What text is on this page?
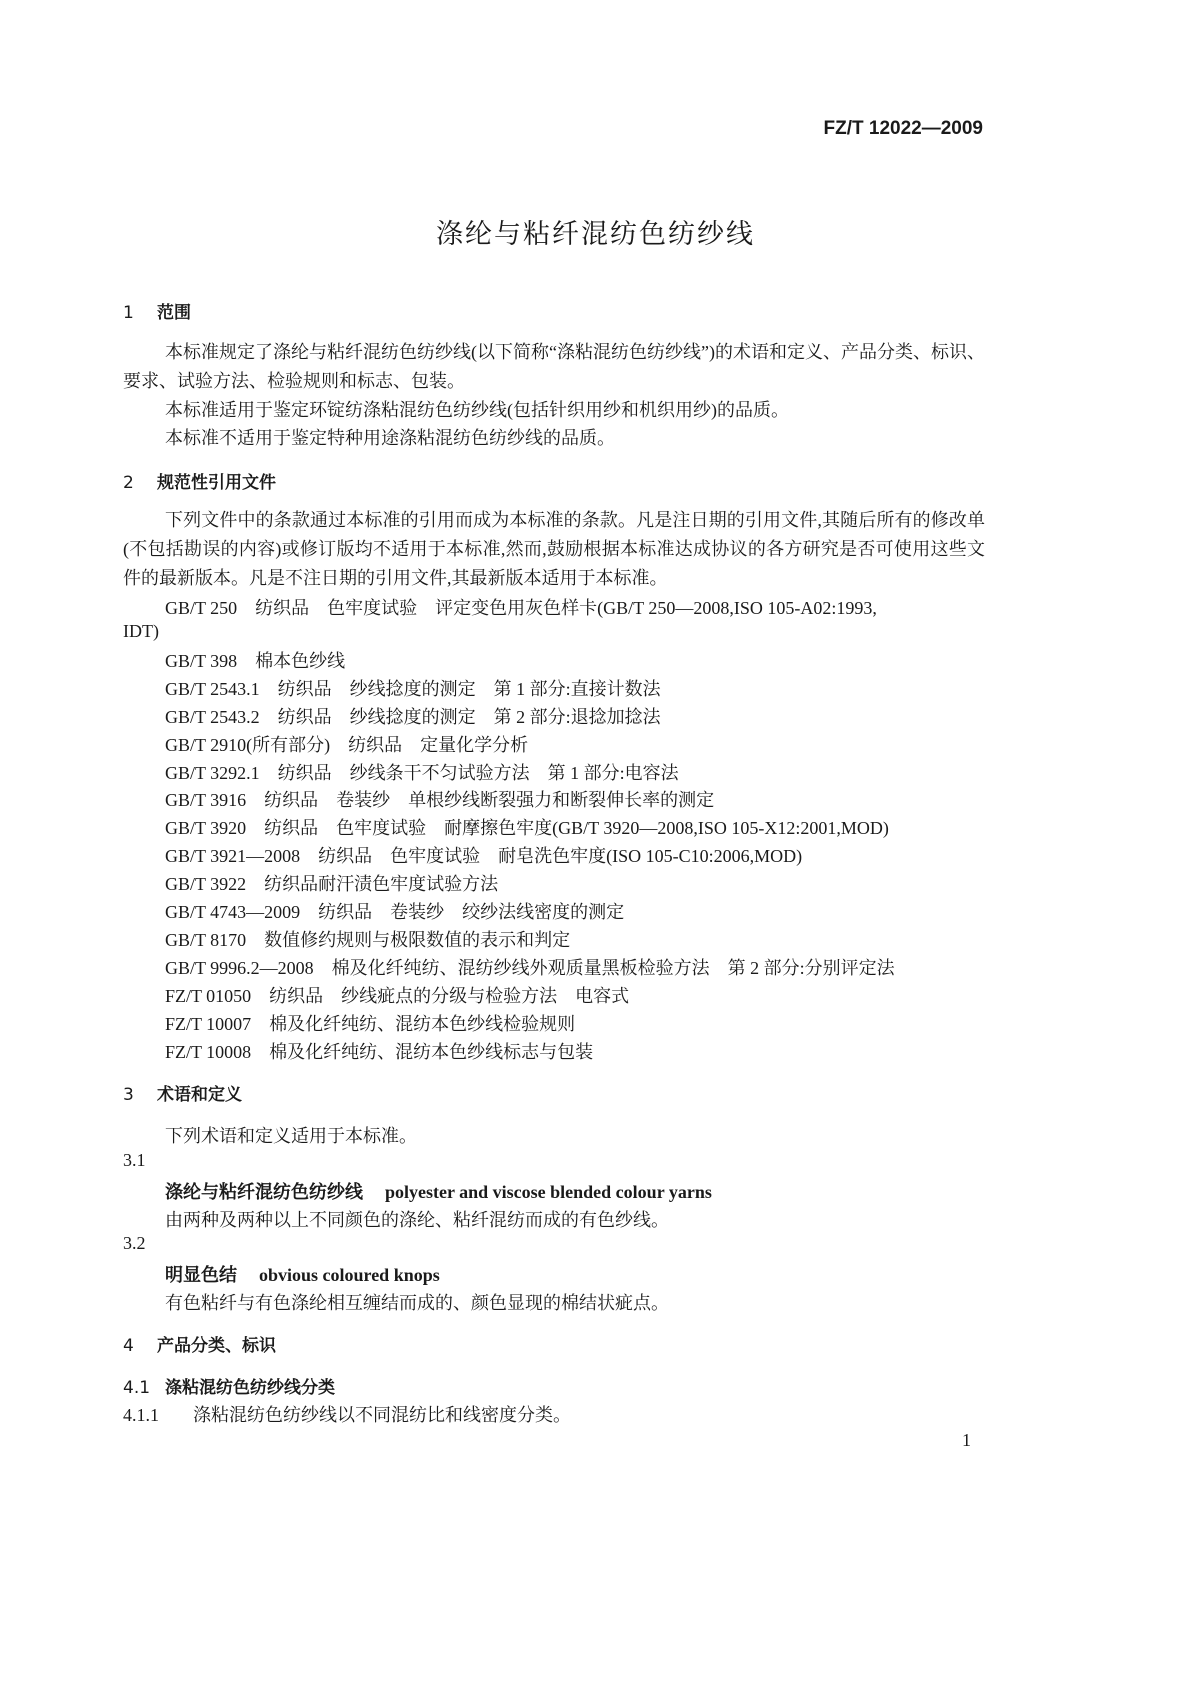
FZ/T 12022—2009
涤纶与粘纤混纺色纺纱线
1 范围
本标准规定了涤纶与粘纤混纺色纺纱线(以下简称“涤粘混纺色纺纱线”)的术语和定义、产品分类、标识、要求、试验方法、检验规则和标志、包装。
本标准适用于鉴定环锭纺涤粘混纺色纺纱线(包括针织用纱和机织用纱)的品质。
本标准不适用于鉴定特种用途涤粘混纺色纺纱线的品质。
2 规范性引用文件
下列文件中的条款通过本标准的引用而成为本标准的条款。凡是注日期的引用文件,其随后所有的修改单(不包括勘误的内容)或修订版均不适用于本标准,然而,鼓励根据本标准达成协议的各方研究是否可使用这些文件的最新版本。凡是不注日期的引用文件,其最新版本适用于本标准。
GB/T 250　纺织品　色牢度试验　评定变色用灰色样卡(GB/T 250—2008,ISO 105-A02:1993,
IDT)
GB/T 398　棉本色纱线
GB/T 2543.1　纺织品　纱线捻度的测定　第 1 部分:直接计数法
GB/T 2543.2　纺织品　纱线捻度的测定　第 2 部分:退捻加捻法
GB/T 2910(所有部分)　纺织品　定量化学分析
GB/T 3292.1　纺织品　纱线条干不匀试验方法　第 1 部分:电容法
GB/T 3916　纺织品　卷装纱　单根纱线断裂强力和断裂伸长率的测定
GB/T 3920　纺织品　色牢度试验　耐摩擦色牢度(GB/T 3920—2008,ISO 105-X12:2001,MOD)
GB/T 3921—2008　纺织品　色牢度试验　耐皂洗色牢度(ISO 105-C10:2006,MOD)
GB/T 3922　纺织品耐汗渍色牢度试验方法
GB/T 4743—2009　纺织品　卷装纱　绞纱法线密度的测定
GB/T 8170　数值修约规则与极限数值的表示和判定
GB/T 9996.2—2008　棉及化纤纯纺、混纺纱线外观质量黑板检验方法　第 2 部分:分别评定法
FZ/T 01050　纺织品　纱线疵点的分级与检验方法　电容式
FZ/T 10007　棉及化纤纯纺、混纺本色纱线检验规则
FZ/T 10008　棉及化纤纯纺、混纺本色纱线标志与包装
3 术语和定义
下列术语和定义适用于本标准。
3.1
涤纶与粘纤混纺色纺纱线 polyester and viscose blended colour yarns
由两种及两种以上不同颜色的涤纶、粘纤混纺而成的有色纱线。
3.2
明显色结 obvious coloured knops
有色粘纤与有色涤纶相互缠结而成的、颜色显现的棉结状疵点。
4 产品分类、标识
4.1 涤粘混纺色纺纱线分类
4.1.1 涤粘混纺色纺纱线以不同混纺比和线密度分类。
1
